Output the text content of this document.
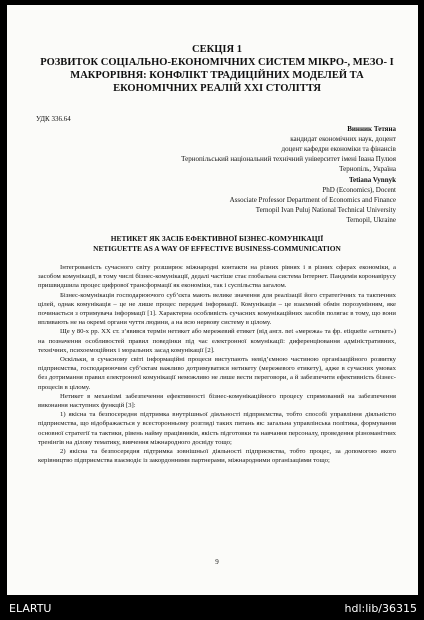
СЕКЦІЯ 1
РОЗВИТОК СОЦІАЛЬНО-ЕКОНОМІЧНИХ СИСТЕМ МІКРО-, МЕЗО- І
МАКРОРІВНЯ: КОНФЛІКТ ТРАДИЦІЙНИХ МОДЕЛЕЙ ТА
ЕКОНОМІЧНИХ РЕАЛІЙ ХХІ СТОЛІТТЯ
УДК 336.64
Винник Тетяна
кандидат економічних наук, доцент
доцент кафедри економіки та фінансів
Тернопільський національний технічний університет імені Івана Пулюя
Тернопіль, Україна
Tetiana Vynnyk
PhD (Economics), Docent
Associate Professor Department of Economics and Finance
Ternopil Ivan Puluj National Technical University
Ternopil, Ukraine
НЕТИКЕТ ЯК ЗАСІБ ЕФЕКТИВНОЇ БІЗНЕС-КОМУНІКАЦІЇ
NETIGUETTE AS A WAY OF EFFECTIVE BUSINESS-COMMUNICATION

Інтегрованість сучасного світу розширює міжнародні контакти на різних рівнях і в різних сферах економіки, а засобом комунікації, в тому числі бізнес-комунікації, дедалі частіше стає глобальна система Інтернет. Пандемія коронавірусу пришвидшила процес цифрової трансформації як економіки, так і суспільства загалом.

Бізнес-комунікація господарюючого суб’єкта мають велике значення для реалізації його стратегічних та тактичних цілей, однак комунікація – це не лише процес передачі інформації. Комунікація – це взаємний обмін порозумінням, яке починається з отримувача інформації [1]. Характерна особливість сучасних комунікаційних засобів полягає в тому, що вони впливають не на окремі органи чуття людини, а на всю нервову систему в цілому.

Ще у 80-х рр. XX ст. з’явився термін нетикет або мережевий етикет (від англ. net «мережа» та фр. etiquette «етикет») на позначення особливостей правил поведінки під час електронної комунікації: диференціювання адміністративних, технічних, психоемоційних і моральних засад комунікації [2].

Оскільки, в сучасному світі інформаційні процеси виступають невід’ємною частиною організаційного розвитку підприємства, господарюючим суб’єктам важливо дотримуватися нетикету (мережевого етикету), адже в сучасних умовах без дотримання правил електронної комунікації неможливо не лише вести переговори, а й забезпечити ефективність бізнес-процесів в цілому.

Нетикет в механізмі забезпечення ефективності бізнес-комунікаційного процесу спрямований на забезпечення виконання наступних функцій [3]:

1) якісна та безпосередня підтримка внутрішньої діяльності підприємства, тобто способі управління діяльністю підприємства, що відображається у всесторонньому розгляді таких питань як: загальна управлінська політика, формування основної стратегії та тактики, рівень найму працівників, якість підготовки та навчання персоналу, проведення різноманітних тренінгів на ділову тематику, вивчення міжнародного досвіду тощо;

2) якісна та безпосередня підтримка зовнішньої діяльності підприємства, тобто процес, за допомогою якого керівництво підприємства взаємодіє із закордонними партнерами, міжнародними організаціями тощо;

9
ELARTU	hdl:lib/36315
